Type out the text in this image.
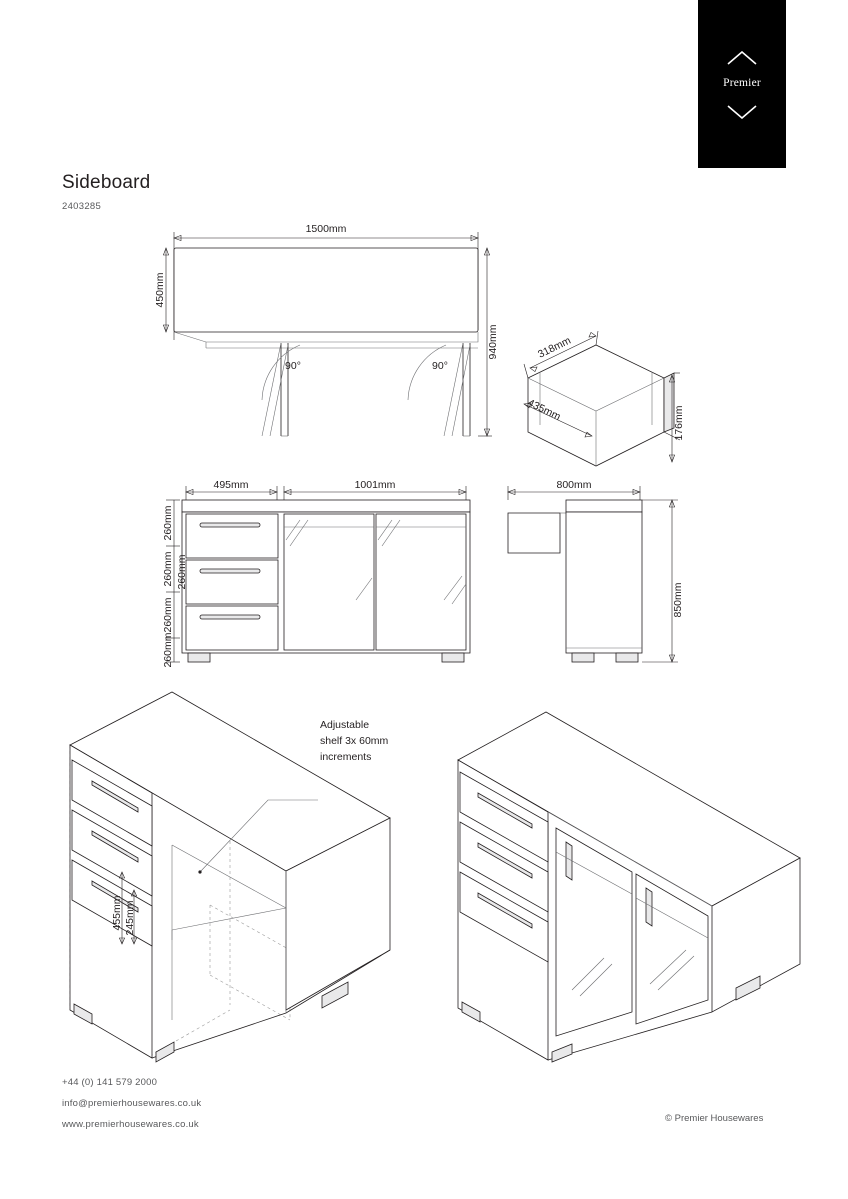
Premier
Sideboard
2403285
1500mm
450mm
940mm
90°	90°
318mm
435mm	176mm
495mm	1001mm
260mm
260mm
260mm
260mm
260mm
800mm
850mm
455mm 245mm
Adjustable
shelf 3x 60mm
increments
+44 (0) 141 579 2000
info@premierhousewares.co.uk
www.premierhousewares.co.uk
© Premier Housewares
